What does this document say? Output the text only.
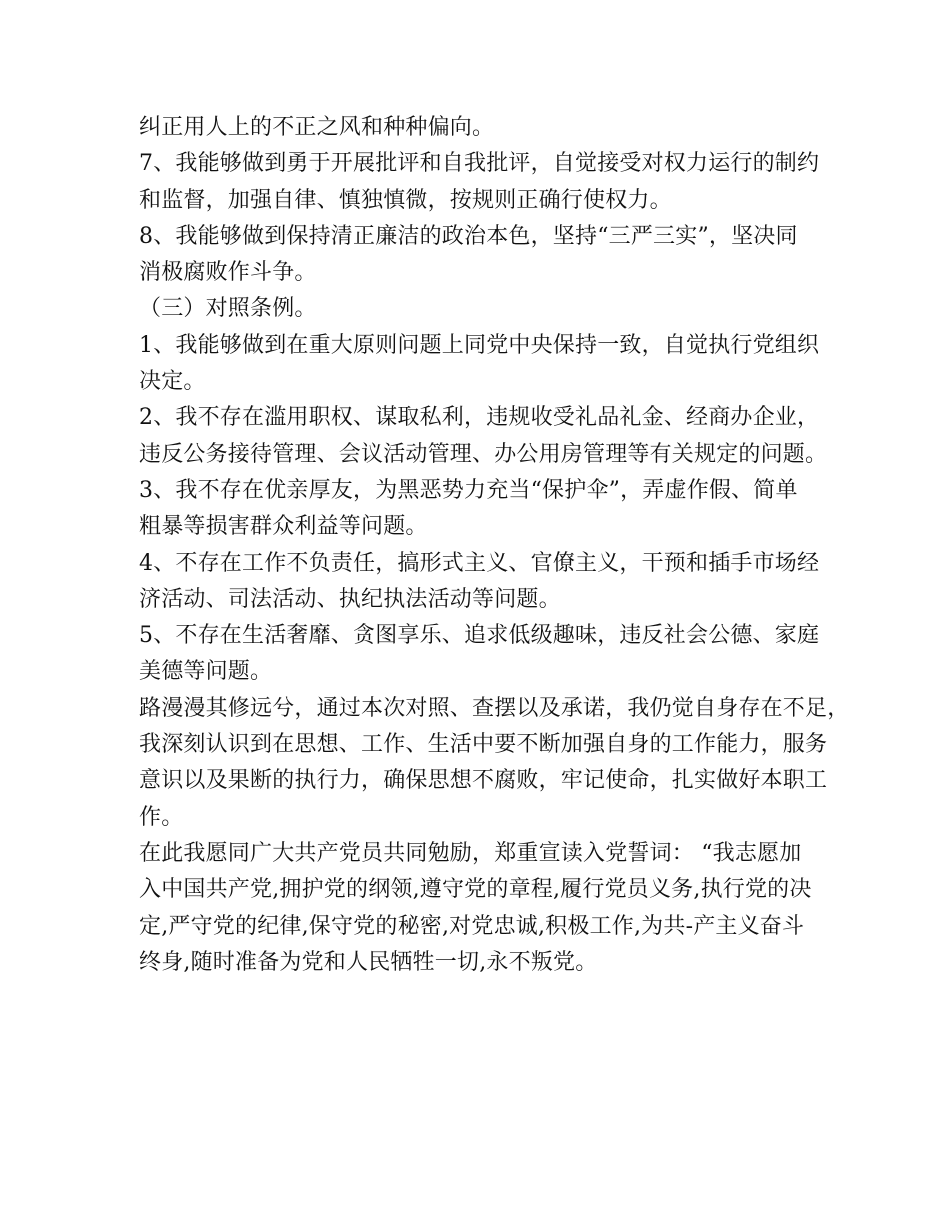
纠正用人上的不正之风和种种偏向。
7、我能够做到勇于开展批评和自我批评，自觉接受对权力运行的制约
和监督，加强自律、慎独慎微，按规则正确行使权力。
8、我能够做到保持清正廉洁的政治本色，坚持“三严三实”，坚决同
消极腐败作斗争。
（三）对照条例。
1、我能够做到在重大原则问题上同党中央保持一致，自觉执行党组织
决定。
2、我不存在滥用职权、谋取私利，违规收受礼品礼金、经商办企业，
违反公务接待管理、会议活动管理、办公用房管理等有关规定的问题。
3、我不存在优亲厚友，为黑恶势力充当“保护伞”，弄虚作假、简单
粗暴等损害群众利益等问题。
4、不存在工作不负责任，搞形式主义、官僚主义，干预和插手市场经
济活动、司法活动、执纪执法活动等问题。
5、不存在生活奢靡、贪图享乐、追求低级趣味，违反社会公德、家庭
美德等问题。
路漫漫其修远兮，通过本次对照、查摆以及承诺，我仍觉自身存在不足，
我深刻认识到在思想、工作、生活中要不断加强自身的工作能力，服务
意识以及果断的执行力，确保思想不腐败，牢记使命，扎实做好本职工
作。
在此我愿同广大共产党员共同勉励，郑重宣读入党誓词： “我志愿加
入中国共产党,拥护党的纲领,遵守党的章程,履行党员义务,执行党的决
定,严守党的纪律,保守党的秘密,对党忠诚,积极工作,为共-产主义奋斗
终身,随时准备为党和人民牺牲一切,永不叛党。
